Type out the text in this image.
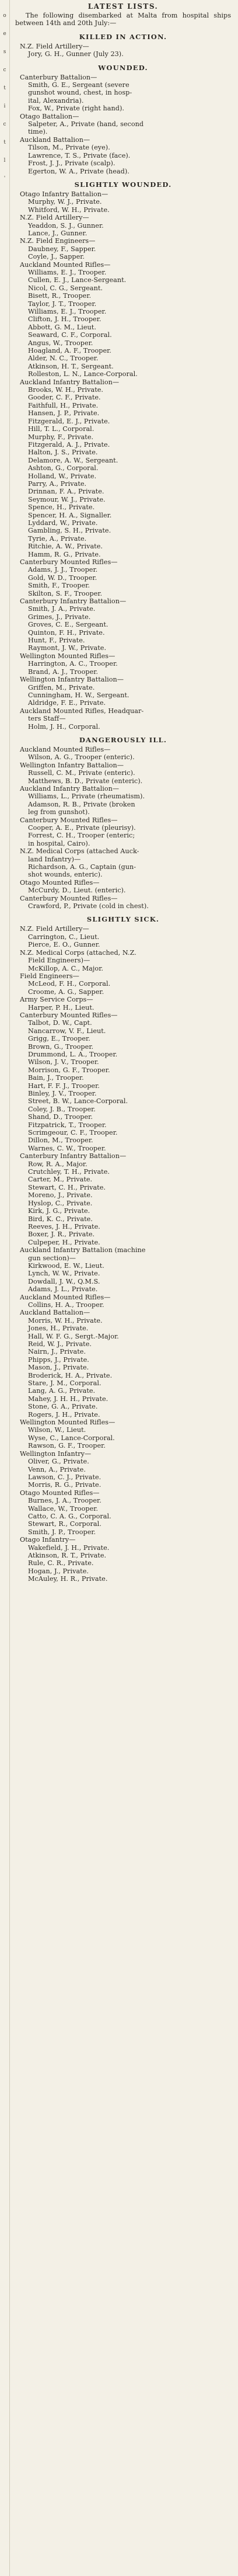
o
e
s
c
t
i
c
t
l
'
LATEST LISTS.
The following disembarked at Malta from hospital ships between 14th and 20th July:—
KILLED IN ACTION.
N.Z. Field Artillery—
Jory, G. H., Gunner (July 23).
WOUNDED.
Canterbury Battalion—
Smith, G. E., Sergeant (severe
gunshot wound, chest, in hosp-
ital, Alexandria).
Fox, W., Private (right hand).
Otago Battalion—
Salpeter, A., Private (hand, second
time).
Auckland Battalion—
Tilson, M., Private (eye).
Lawrence, T. S., Private (face).
Frost, J. J., Private (scalp).
Egerton, W. A., Private (head).
SLIGHTLY WOUNDED.
Otago Infantry Battalion—
Murphy, W. J., Private.
Whitford, W. H., Private.
N.Z. Field Artillery—
Yeaddon, S. J., Gunner.
Lance, J., Gunner.
N.Z. Field Engineers—
Daubney, F., Sapper.
Coyle, J., Sapper.
Auckland Mounted Rifles—
Williams, E. J., Trooper.
Cullen, E. J., Lance-Sergeant.
Nicol, C. G., Sergeant.
Bisett, R., Trooper.
Taylor, J. T., Trooper.
Williams, E. J., Trooper.
Clifton, J. H., Trooper.
Abbott, G. M., Lieut.
Seaward, C. F., Corporal.
Angus, W., Trooper.
Hoagland, A. F., Trooper.
Alder, N. C., Trooper.
Atkinson, H. T., Sergeant.
Rolleston, L. N., Lance-Corporal.
Auckland Infantry Battalion—
Brooks, W. H., Private.
Gooder, C. F., Private.
Faithfull, H., Private.
Hansen, J. P., Private.
Fitzgerald, E. J., Private.
Hill, T. L., Corporal.
Murphy, F., Private.
Fitzgerald, A. J., Private.
Halton, J. S., Private.
Delamore, A. W., Sergeant.
Ashton, G., Corporal.
Holland, W., Private.
Parry, A., Private.
Drinnan, F. A., Private.
Seymour, W. J., Private.
Spence, H., Private.
Spencer, H. A., Signaller.
Lyddard, W., Private.
Gambling, S. H., Private.
Tyrie, A., Private.
Ritchie, A. W., Private.
Hamm, R. G., Private.
Canterbury Mounted Rifles—
Adams, J. J., Trooper.
Gold, W. D., Trooper.
Smith, F., Trooper.
Skilton, S. F., Trooper.
Canterbury Infantry Battalion—
Smith, J. A., Private.
Grimes, J., Private.
Groves, C. E., Sergeant.
Quinton, F. H., Private.
Hunt, F., Private.
Raymont, J. W., Private.
Wellington Mounted Rifles—
Harrington, A. C., Trooper.
Brand, A. J., Trooper.
Wellington Infantry Battalion—
Griffen, M., Private.
Cunningham, H. W., Sergeant.
Aldridge, F. E., Private.
Auckland Mounted Rifles, Headquar-
ters Staff—
Holm, J. H., Corporal.
DANGEROUSLY ILL.
Auckland Mounted Rifles—
Wilson, A. G., Trooper (enteric).
Wellington Infantry Battalion—
Russell, C. M., Private (enteric).
Matthews, B. D., Private (enteric).
Auckland Infantry Battalion—
Williams, L., Private (rheumatism).
Adamson, R. B., Private (broken
leg from gunshot).
Canterbury Mounted Rifles—
Cooper, A. E., Private (pleurisy).
Forrest, C. H., Trooper (enteric;
in hospital, Cairo).
N.Z. Medical Corps (attached Auck-
land Infantry)—
Richardson, A. G., Captain (gun-
shot wounds, enteric).
Otago Mounted Rifles—
McCurdy, D., Lieut. (enteric).
Canterbury Mounted Rifles—
Crawford, P., Private (cold in chest).
SLIGHTLY SICK.
N.Z. Field Artillery—
Carrington, C., Lieut.
Pierce, E. O., Gunner.
N.Z. Medical Corps (attached, N.Z.
Field Engineers)—
McKillop, A. C., Major.
Field Engineers—
McLeod, F. H., Corporal.
Croome, A. G., Sapper.
Army Service Corps—
Harper, P. H., Lieut.
Canterbury Mounted Rifles—
Talbot, D. W., Capt.
Nancarrow, V. F., Lieut.
Grigg, E., Trooper.
Brown, G., Trooper.
Drummond, L. A., Trooper.
Wilson, J. V., Trooper.
Morrison, G. F., Trooper.
Bain, J., Trooper.
Hart, F. F. J., Trooper.
Binley, J. V., Trooper.
Street, B. W., Lance-Corporal.
Coley, J. B., Trooper.
Shand, D., Trooper.
Fitzpatrick, T., Trooper.
Scrimgeour, C. F., Trooper.
Dillon, M., Trooper.
Warnes, C. W., Trooper.
Canterbury Infantry Battalion—
Row, R. A., Major.
Crutchley, T. H., Private.
Carter, M., Private.
Stewart, C. H., Private.
Moreno, J., Private.
Hyslop, C., Private.
Kirk, J. G., Private.
Bird, K. C., Private.
Reeves, J. H., Private.
Boxer, J. R., Private.
Culpeper, H., Private.
Auckland Infantry Battalion (machine
gun section)—
Kirkwood, E. W., Lieut.
Lynch, W. W., Private.
Dowdall, J. W., Q.M.S.
Adams, J. L., Private.
Auckland Mounted Rifles—
Collins, H. A., Trooper.
Auckland Battalion—
Morris, W. H., Private.
Jones, H., Private.
Hall, W. F. G., Sergt.-Major.
Reid, W. J., Private.
Nairn, J., Private.
Phipps, J., Private.
Mason, J., Private.
Broderick, H. A., Private.
Stare, J. M., Corporal.
Lang, A. G., Private.
Mahey, J. H. H., Private.
Stone, G. A., Private.
Rogers, J. H., Private.
Wellington Mounted Rifles—
Wilson, W., Lieut.
Wyse, C., Lance-Corporal.
Rawson, G. F., Trooper.
Wellington Infantry—
Oliver, G., Private.
Venn, A., Private.
Lawson, C. J., Private.
Morris, R. G., Private.
Otago Mounted Rifles—
Burnes, J. A., Trooper.
Wallace, W., Trooper.
Catto, C. A. G., Corporal.
Stewart, R., Corporal.
Smith, J. P., Trooper.
Otago Infantry—
Wakefield, J. H., Private.
Atkinson, R. T., Private.
Rule, C. R., Private.
Hogan, J., Private.
McAuley, H. R., Private.
